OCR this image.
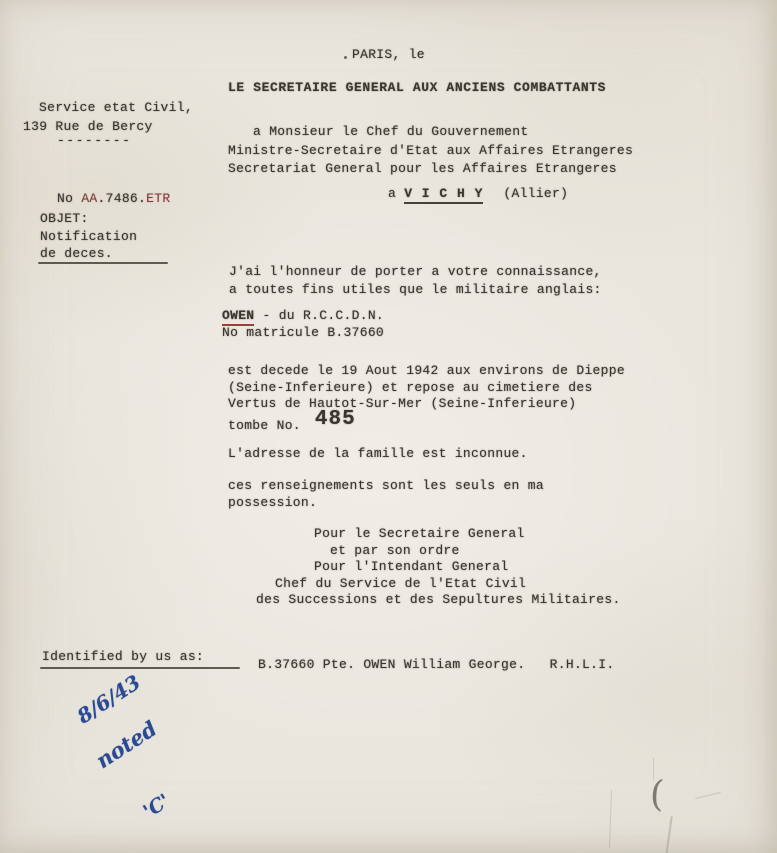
PARIS, le
LE SECRETAIRE GENERAL AUX ANCIENS COMBATTANTS
Service etat Civil,
139 Rue de Bercy
--------
a Monsieur le Chef du Gouvernement
Ministre-Secretaire d'Etat aux Affaires Etrangeres
Secretariat General pour les Affaires Etrangeres
No AA.7486.ETR	a V I C H Y (Allier)
OBJET:
Notification
de deces.
J'ai l'honneur de porter a votre connaissance,
a toutes fins utiles que le militaire anglais:
OWEN - du R.C.C.D.N.
No matricule B.37660
est decede le 19 Aout 1942 aux environs de Dieppe
(Seine-Inferieure) et repose au cimetiere des
Vertus de Hautot-Sur-Mer (Seine-Inferieure)
tombe No. 485
L'adresse de la famille est inconnue.
ces renseignements sont les seuls en ma
possession.
Pour le Secretaire General
et par son ordre
Pour l'Intendant General
Chef du Service de l'Etat Civil
des Successions et des Sepultures Militaires.
Identified by us as:
B.37660 Pte. OWEN William George.   R.H.L.I.

8/6/43

noted

'C'

	(
